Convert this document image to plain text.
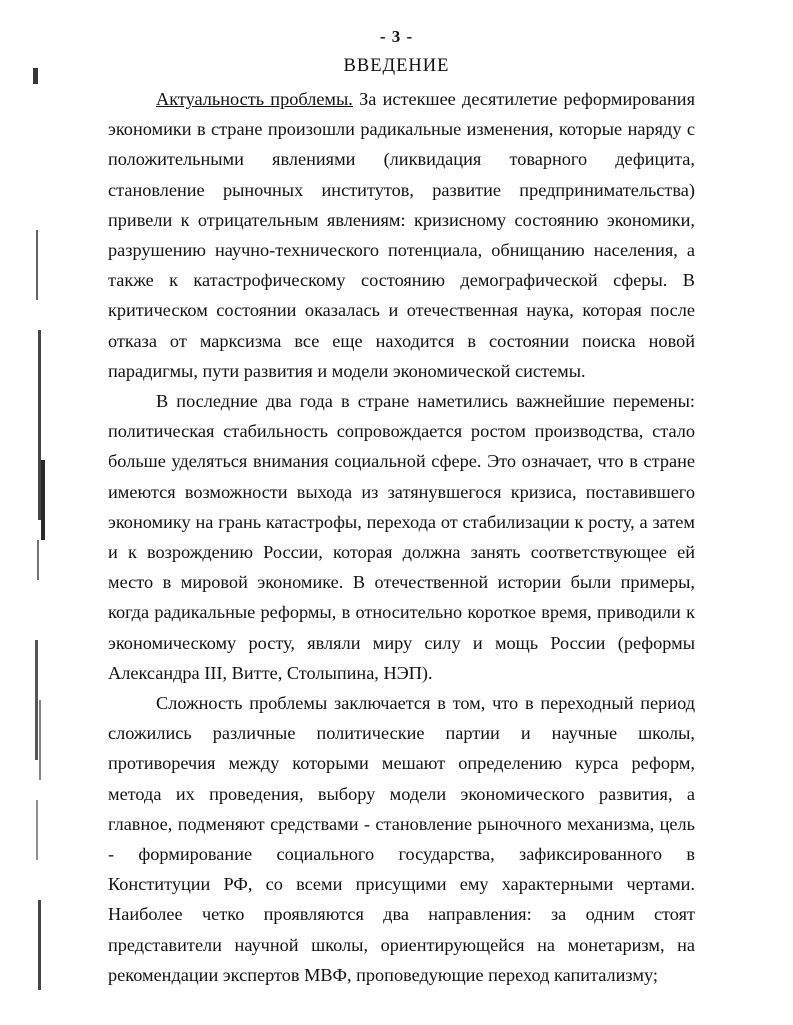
- 3 -
ВВЕДЕНИЕ

Актуальность проблемы. За истекшее десятилетие реформирования экономики в стране произошли радикальные изменения, которые наряду с положительными явлениями (ликвидация товарного дефицита, становление рыночных институтов, развитие предпринимательства) привели к отрицательным явлениям: кризисному состоянию экономики, разрушению научно-технического потенциала, обнищанию населения, а также к катастрофическому состоянию демографической сферы. В критическом состоянии оказалась и отечественная наука, которая после отказа от марксизма все еще находится в состоянии поиска новой парадигмы, пути развития и модели экономической системы.

В последние два года в стране наметились важнейшие перемены: политическая стабильность сопровождается ростом производства, стало больше уделяться внимания социальной сфере. Это означает, что в стране имеются возможности выхода из затянувшегося кризиса, поставившего экономику на грань катастрофы, перехода от стабилизации к росту, а затем и к возрождению России, которая должна занять соответствующее ей место в мировой экономике. В отечественной истории были примеры, когда радикальные реформы, в относительно короткое время, приводили к экономическому росту, являли миру силу и мощь России (реформы Александра III, Витте, Столыпина, НЭП).

Сложность проблемы заключается в том, что в переходный период сложились различные политические партии и научные школы, противоречия между которыми мешают определению курса реформ, метода их проведения, выбору модели экономического развития, а главное, подменяют средствами - становление рыночного механизма, цель - формирование социального государства, зафиксированного в Конституции РФ, со всеми присущими ему характерными чертами. Наиболее четко проявляются два направления: за одним стоят представители научной школы, ориентирующейся на монетаризм, на рекомендации экспертов МВФ, проповедующие переход капитализму;
